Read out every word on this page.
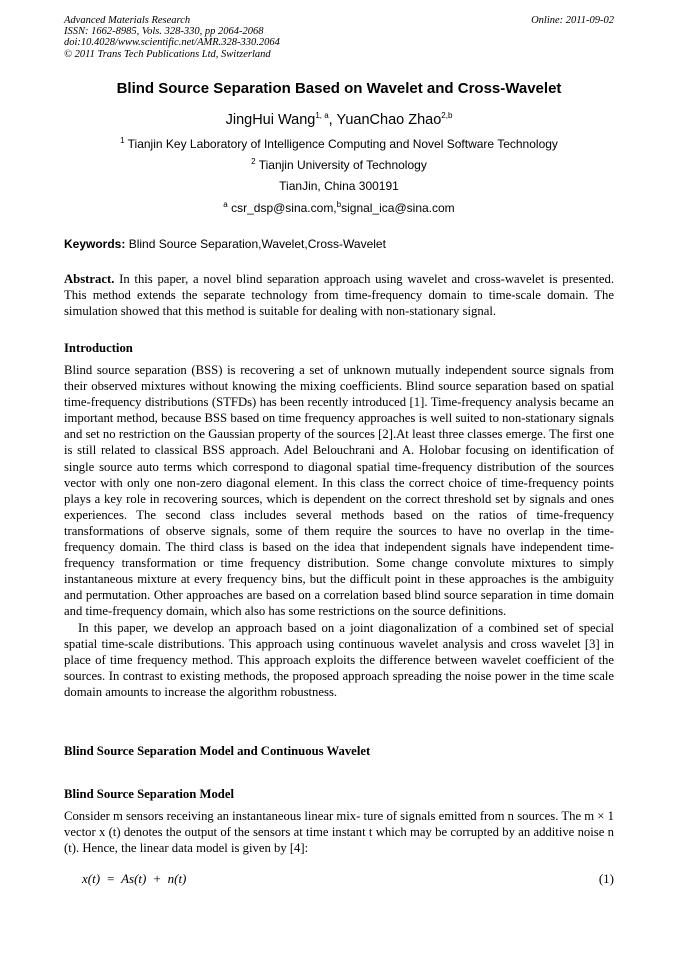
Advanced Materials Research
ISSN: 1662-8985, Vols. 328-330, pp 2064-2068
doi:10.4028/www.scientific.net/AMR.328-330.2064
© 2011 Trans Tech Publications Ltd, Switzerland
Online: 2011-09-02
Blind Source Separation Based on Wavelet and Cross-Wavelet
JingHui Wang$^{1, a}$, YuanChao Zhao$^{2,b}$
$^1$ Tianjin Key Laboratory of Intelligence Computing and Novel Software Technology
$^2$ Tianjin University of Technology
TianJin, China 300191
$^a$ csr_dsp@sina.com,$^b$signal_ica@sina.com
Keywords: Blind Source Separation,Wavelet,Cross-Wavelet
Abstract. In this paper, a novel blind separation approach using wavelet and cross-wavelet is presented. This method extends the separate technology from time-frequency domain to time-scale domain. The simulation showed that this method is suitable for dealing with non-stationary signal.
Introduction
Blind source separation (BSS) is recovering a set of unknown mutually independent source signals from their observed mixtures without knowing the mixing coefficients. Blind source separation based on spatial time-frequency distributions (STFDs) has been recently introduced [1]. Time-frequency analysis became an important method, because BSS based on time frequency approaches is well suited to non-stationary signals and set no restriction on the Gaussian property of the sources [2].At least three classes emerge. The first one is still related to classical BSS approach. Adel Belouchrani and A. Holobar focusing on identification of single source auto terms which correspond to diagonal spatial time-frequency distribution of the sources vector with only one non-zero diagonal element. In this class the correct choice of time-frequency points plays a key role in recovering sources, which is dependent on the correct threshold set by signals and ones experiences. The second class includes several methods based on the ratios of time-frequency transformations of observe signals, some of them require the sources to have no overlap in the time-frequency domain. The third class is based on the idea that independent signals have independent time-frequency transformation or time frequency distribution. Some change convolute mixtures to simply instantaneous mixture at every frequency bins, but the difficult point in these approaches is the ambiguity and permutation. Other approaches are based on a correlation based blind source separation in time domain and time-frequency domain, which also has some restrictions on the source definitions.
In this paper, we develop an approach based on a joint diagonalization of a combined set of special spatial time-scale distributions. This approach using continuous wavelet analysis and cross wavelet [3] in place of time frequency method. This approach exploits the difference between wavelet coefficient of the sources. In contrast to existing methods, the proposed approach spreading the noise power in the time scale domain amounts to increase the algorithm robustness.
Blind Source Separation Model and Continuous Wavelet
Blind Source Separation Model
Consider m sensors receiving an instantaneous linear mix- ture of signals emitted from n sources. The m × 1 vector x (t) denotes the output of the sensors at time instant t which may be corrupted by an additive noise n (t). Hence, the linear data model is given by [4]:
x(t) = As(t) + n(t)	(1)
